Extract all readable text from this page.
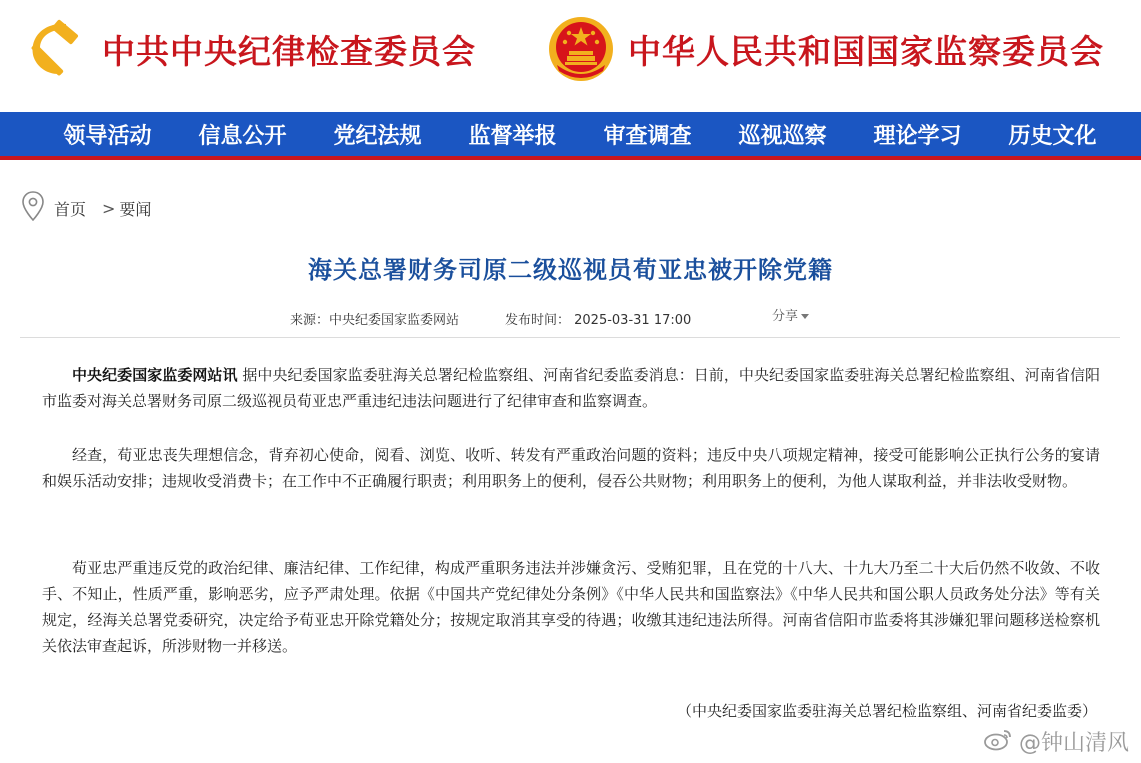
中共中央纪律检查委员会	中华人民共和国国家监察委员会
领导活动	信息公开	党纪法规	监督举报	审查调查	巡视巡察	理论学习	历史文化
首页 > 要闻
海关总署财务司原二级巡视员荀亚忠被开除党籍
来源：中央纪委国家监委网站	发布时间： 2025-03-31 17:00	分享
中央纪委国家监委网站讯 据中央纪委国家监委驻海关总署纪检监察组、河南省纪委监委消息：日前，中央纪委国家监委驻海关总署纪检监察组、河南省信阳市监委对海关总署财务司原二级巡视员荀亚忠严重违纪违法问题进行了纪律审查和监察调查。
经查，荀亚忠丧失理想信念，背弃初心使命，阅看、浏览、收听、转发有严重政治问题的资料；违反中央八项规定精神，接受可能影响公正执行公务的宴请和娱乐活动安排；违规收受消费卡；在工作中不正确履行职责；利用职务上的便利，侵吞公共财物；利用职务上的便利，为他人谋取利益，并非法收受财物。
荀亚忠严重违反党的政治纪律、廉洁纪律、工作纪律，构成严重职务违法并涉嫌贪污、受贿犯罪，且在党的十八大、十九大乃至二十大后仍然不收敛、不收手、不知止，性质严重，影响恶劣，应予严肃处理。依据《中国共产党纪律处分条例》《中华人民共和国监察法》《中华人民共和国公职人员政务处分法》等有关规定，经海关总署党委研究，决定给予荀亚忠开除党籍处分；按规定取消其享受的待遇；收缴其违纪违法所得。河南省信阳市监委将其涉嫌犯罪问题移送检察机关依法审查起诉，所涉财物一并移送。
（中央纪委国家监委驻海关总署纪检监察组、河南省纪委监委）
@钟山清风
